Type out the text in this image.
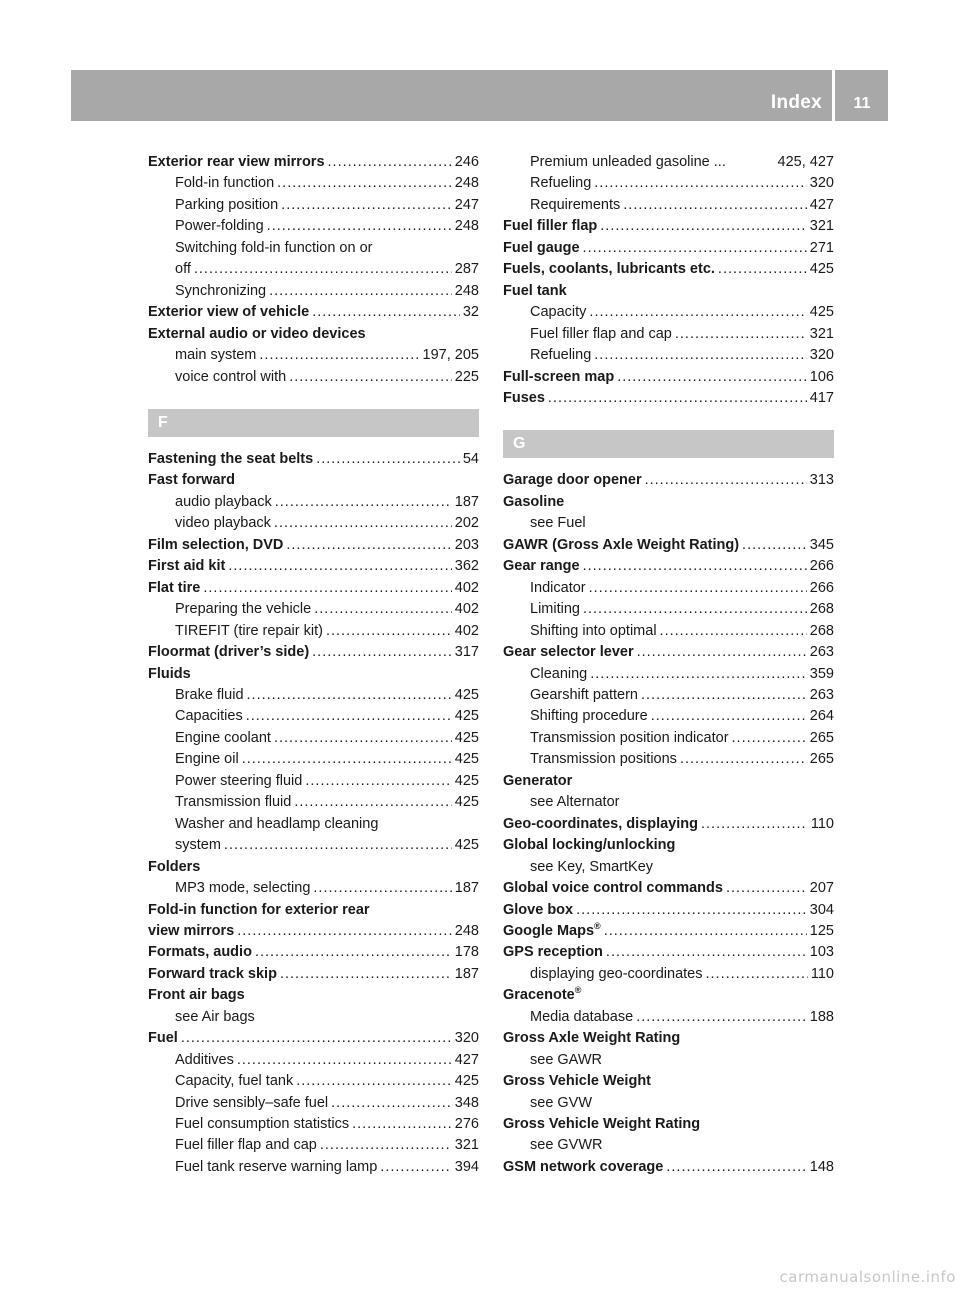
Index	11
Exterior rear view mirrors .....	246
Fold-in function .....	248
Parking position .....	247
Power-folding .....	248
Switching fold-in function on or
off .....	287
Synchronizing .....	248
Exterior view of vehicle .....	32
External audio or video devices
main system .....	197, 205
voice control with .....	225
F
Fastening the seat belts .....	54
Fast forward
audio playback .....	187
video playback .....	202
Film selection, DVD .....	203
First aid kit .....	362
Flat tire .....	402
Preparing the vehicle .....	402
TIREFIT (tire repair kit) .....	402
Floormat (driver’s side) .....	317
Fluids
Brake fluid .....	425
Capacities .....	425
Engine coolant .....	425
Engine oil .....	425
Power steering fluid .....	425
Transmission fluid .....	425
Washer and headlamp cleaning
system .....	425
Folders
MP3 mode, selecting .....	187
Fold-in function for exterior rear
view mirrors .....	248
Formats, audio .....	178
Forward track skip .....	187
Front air bags
see Air bags
Fuel .....	320
Additives .....	427
Capacity, fuel tank .....	425
Drive sensibly–safe fuel .....	348
Fuel consumption statistics .....	276
Fuel filler flap and cap .....	321
Fuel tank reserve warning lamp .....	394
Premium unleaded gasoline ...	425, 427
Refueling .....	320
Requirements .....	427
Fuel filler flap .....	321
Fuel gauge .....	271
Fuels, coolants, lubricants etc. .....	425
Fuel tank
Capacity .....	425
Fuel filler flap and cap .....	321
Refueling .....	320
Full-screen map .....	106
Fuses .....	417
G
Garage door opener .....	313
Gasoline
see Fuel
GAWR (Gross Axle Weight Rating) .....	345
Gear range .....	266
Indicator .....	266
Limiting .....	268
Shifting into optimal .....	268
Gear selector lever .....	263
Cleaning .....	359
Gearshift pattern .....	263
Shifting procedure .....	264
Transmission position indicator .....	265
Transmission positions .....	265
Generator
see Alternator
Geo-coordinates, displaying .....	110
Global locking/unlocking
see Key, SmartKey
Global voice control commands .....	207
Glove box .....	304
Google Maps® .....	125
GPS reception .....	103
displaying geo-coordinates .....	110
Gracenote®
Media database .....	188
Gross Axle Weight Rating
see GAWR
Gross Vehicle Weight
see GVW
Gross Vehicle Weight Rating
see GVWR
GSM network coverage .....	148
carmanualsonline.info
